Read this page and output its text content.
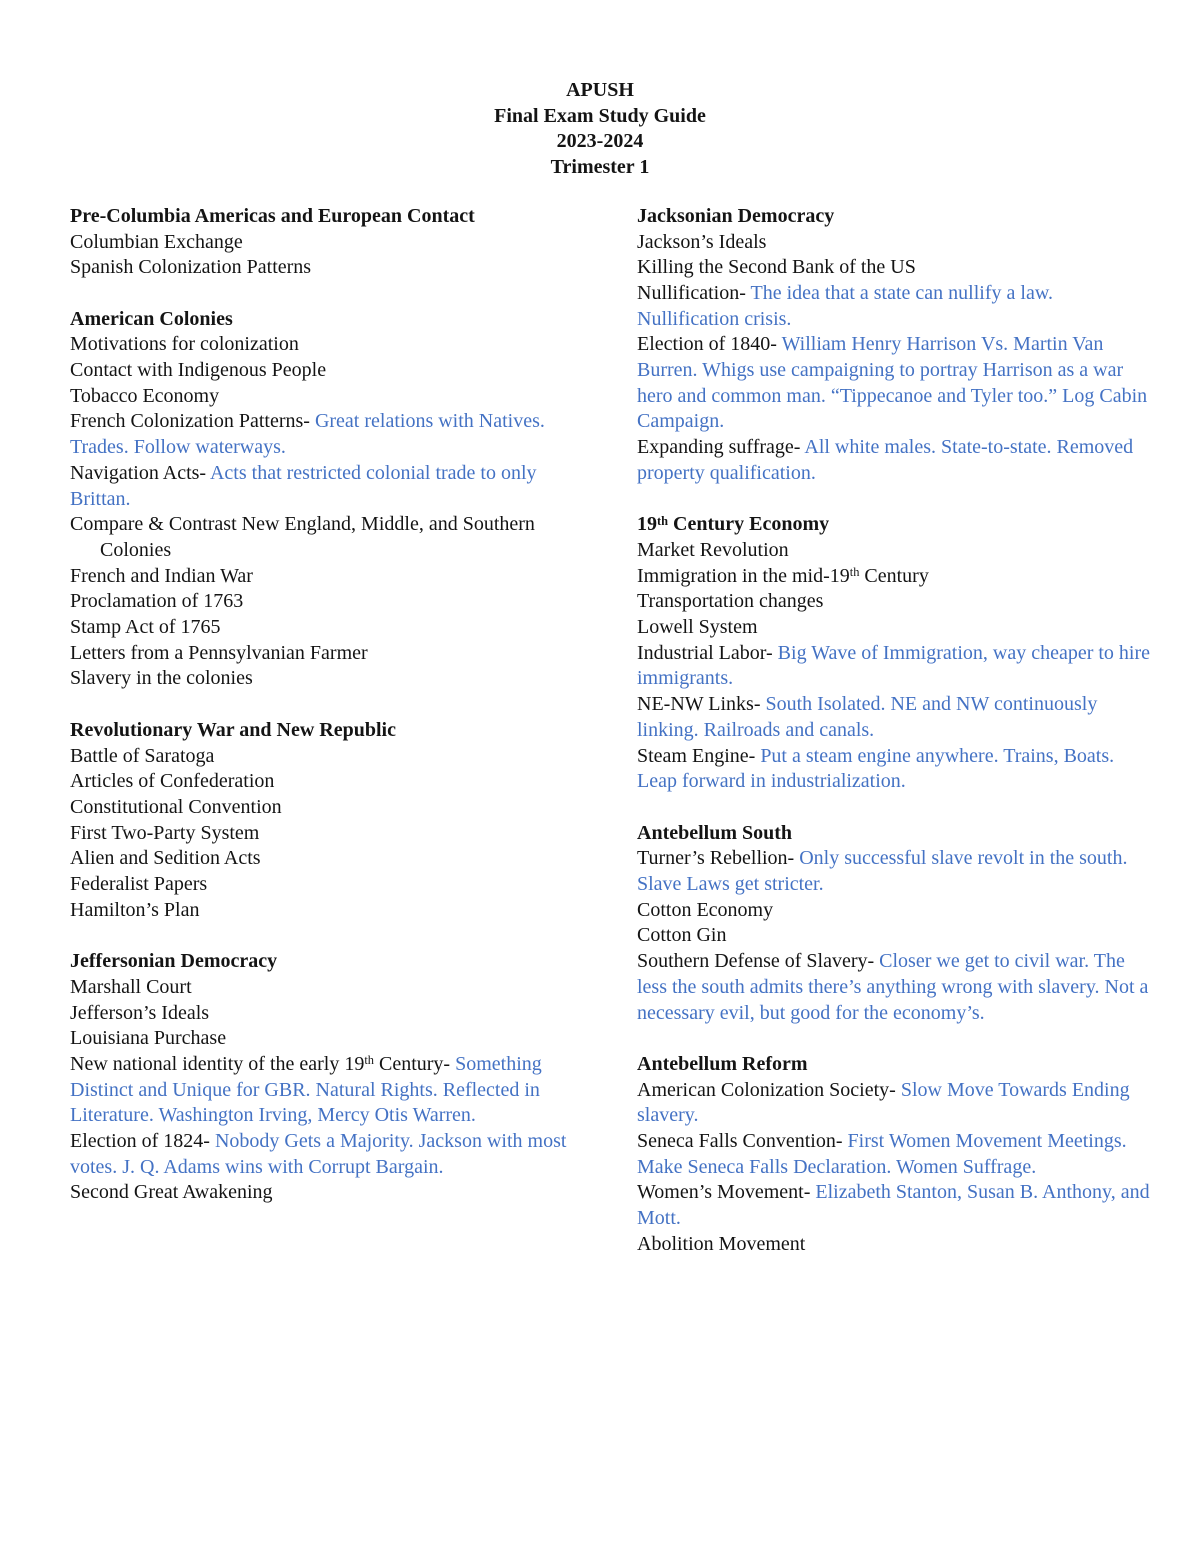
APUSH
Final Exam Study Guide
2023-2024
Trimester 1
Pre-Columbia Americas and European Contact
Columbian Exchange
Spanish Colonization Patterns
American Colonies
Motivations for colonization
Contact with Indigenous People
Tobacco Economy
French Colonization Patterns- Great relations with Natives. Trades. Follow waterways.
Navigation Acts- Acts that restricted colonial trade to only Brittan.
Compare & Contrast New England, Middle, and Southern Colonies
French and Indian War
Proclamation of 1763
Stamp Act of 1765
Letters from a Pennsylvanian Farmer
Slavery in the colonies
Revolutionary War and New Republic
Battle of Saratoga
Articles of Confederation
Constitutional Convention
First Two-Party System
Alien and Sedition Acts
Federalist Papers
Hamilton’s Plan
Jeffersonian Democracy
Marshall Court
Jefferson’s Ideals
Louisiana Purchase
New national identity of the early 19th Century- Something Distinct and Unique for GBR. Natural Rights. Reflected in Literature. Washington Irving, Mercy Otis Warren.
Election of 1824- Nobody Gets a Majority. Jackson with most votes. J. Q. Adams wins with Corrupt Bargain.
Second Great Awakening
Jacksonian Democracy
Jackson’s Ideals
Killing the Second Bank of the US
Nullification- The idea that a state can nullify a law. Nullification crisis.
Election of 1840- William Henry Harrison Vs. Martin Van Burren. Whigs use campaigning to portray Harrison as a war hero and common man. “Tippecanoe and Tyler too.” Log Cabin Campaign.
Expanding suffrage- All white males. State-to-state. Removed property qualification.
19th Century Economy
Market Revolution
Immigration in the mid-19th Century
Transportation changes
Lowell System
Industrial Labor- Big Wave of Immigration, way cheaper to hire immigrants.
NE-NW Links- South Isolated. NE and NW continuously linking. Railroads and canals.
Steam Engine- Put a steam engine anywhere. Trains, Boats. Leap forward in industrialization.
Antebellum South
Turner’s Rebellion- Only successful slave revolt in the south. Slave Laws get stricter.
Cotton Economy
Cotton Gin
Southern Defense of Slavery- Closer we get to civil war. The less the south admits there’s anything wrong with slavery. Not a necessary evil, but good for the economy’s.
Antebellum Reform
American Colonization Society- Slow Move Towards Ending slavery.
Seneca Falls Convention- First Women Movement Meetings. Make Seneca Falls Declaration. Women Suffrage.
Women’s Movement- Elizabeth Stanton, Susan B. Anthony, and Mott.
Abolition Movement
